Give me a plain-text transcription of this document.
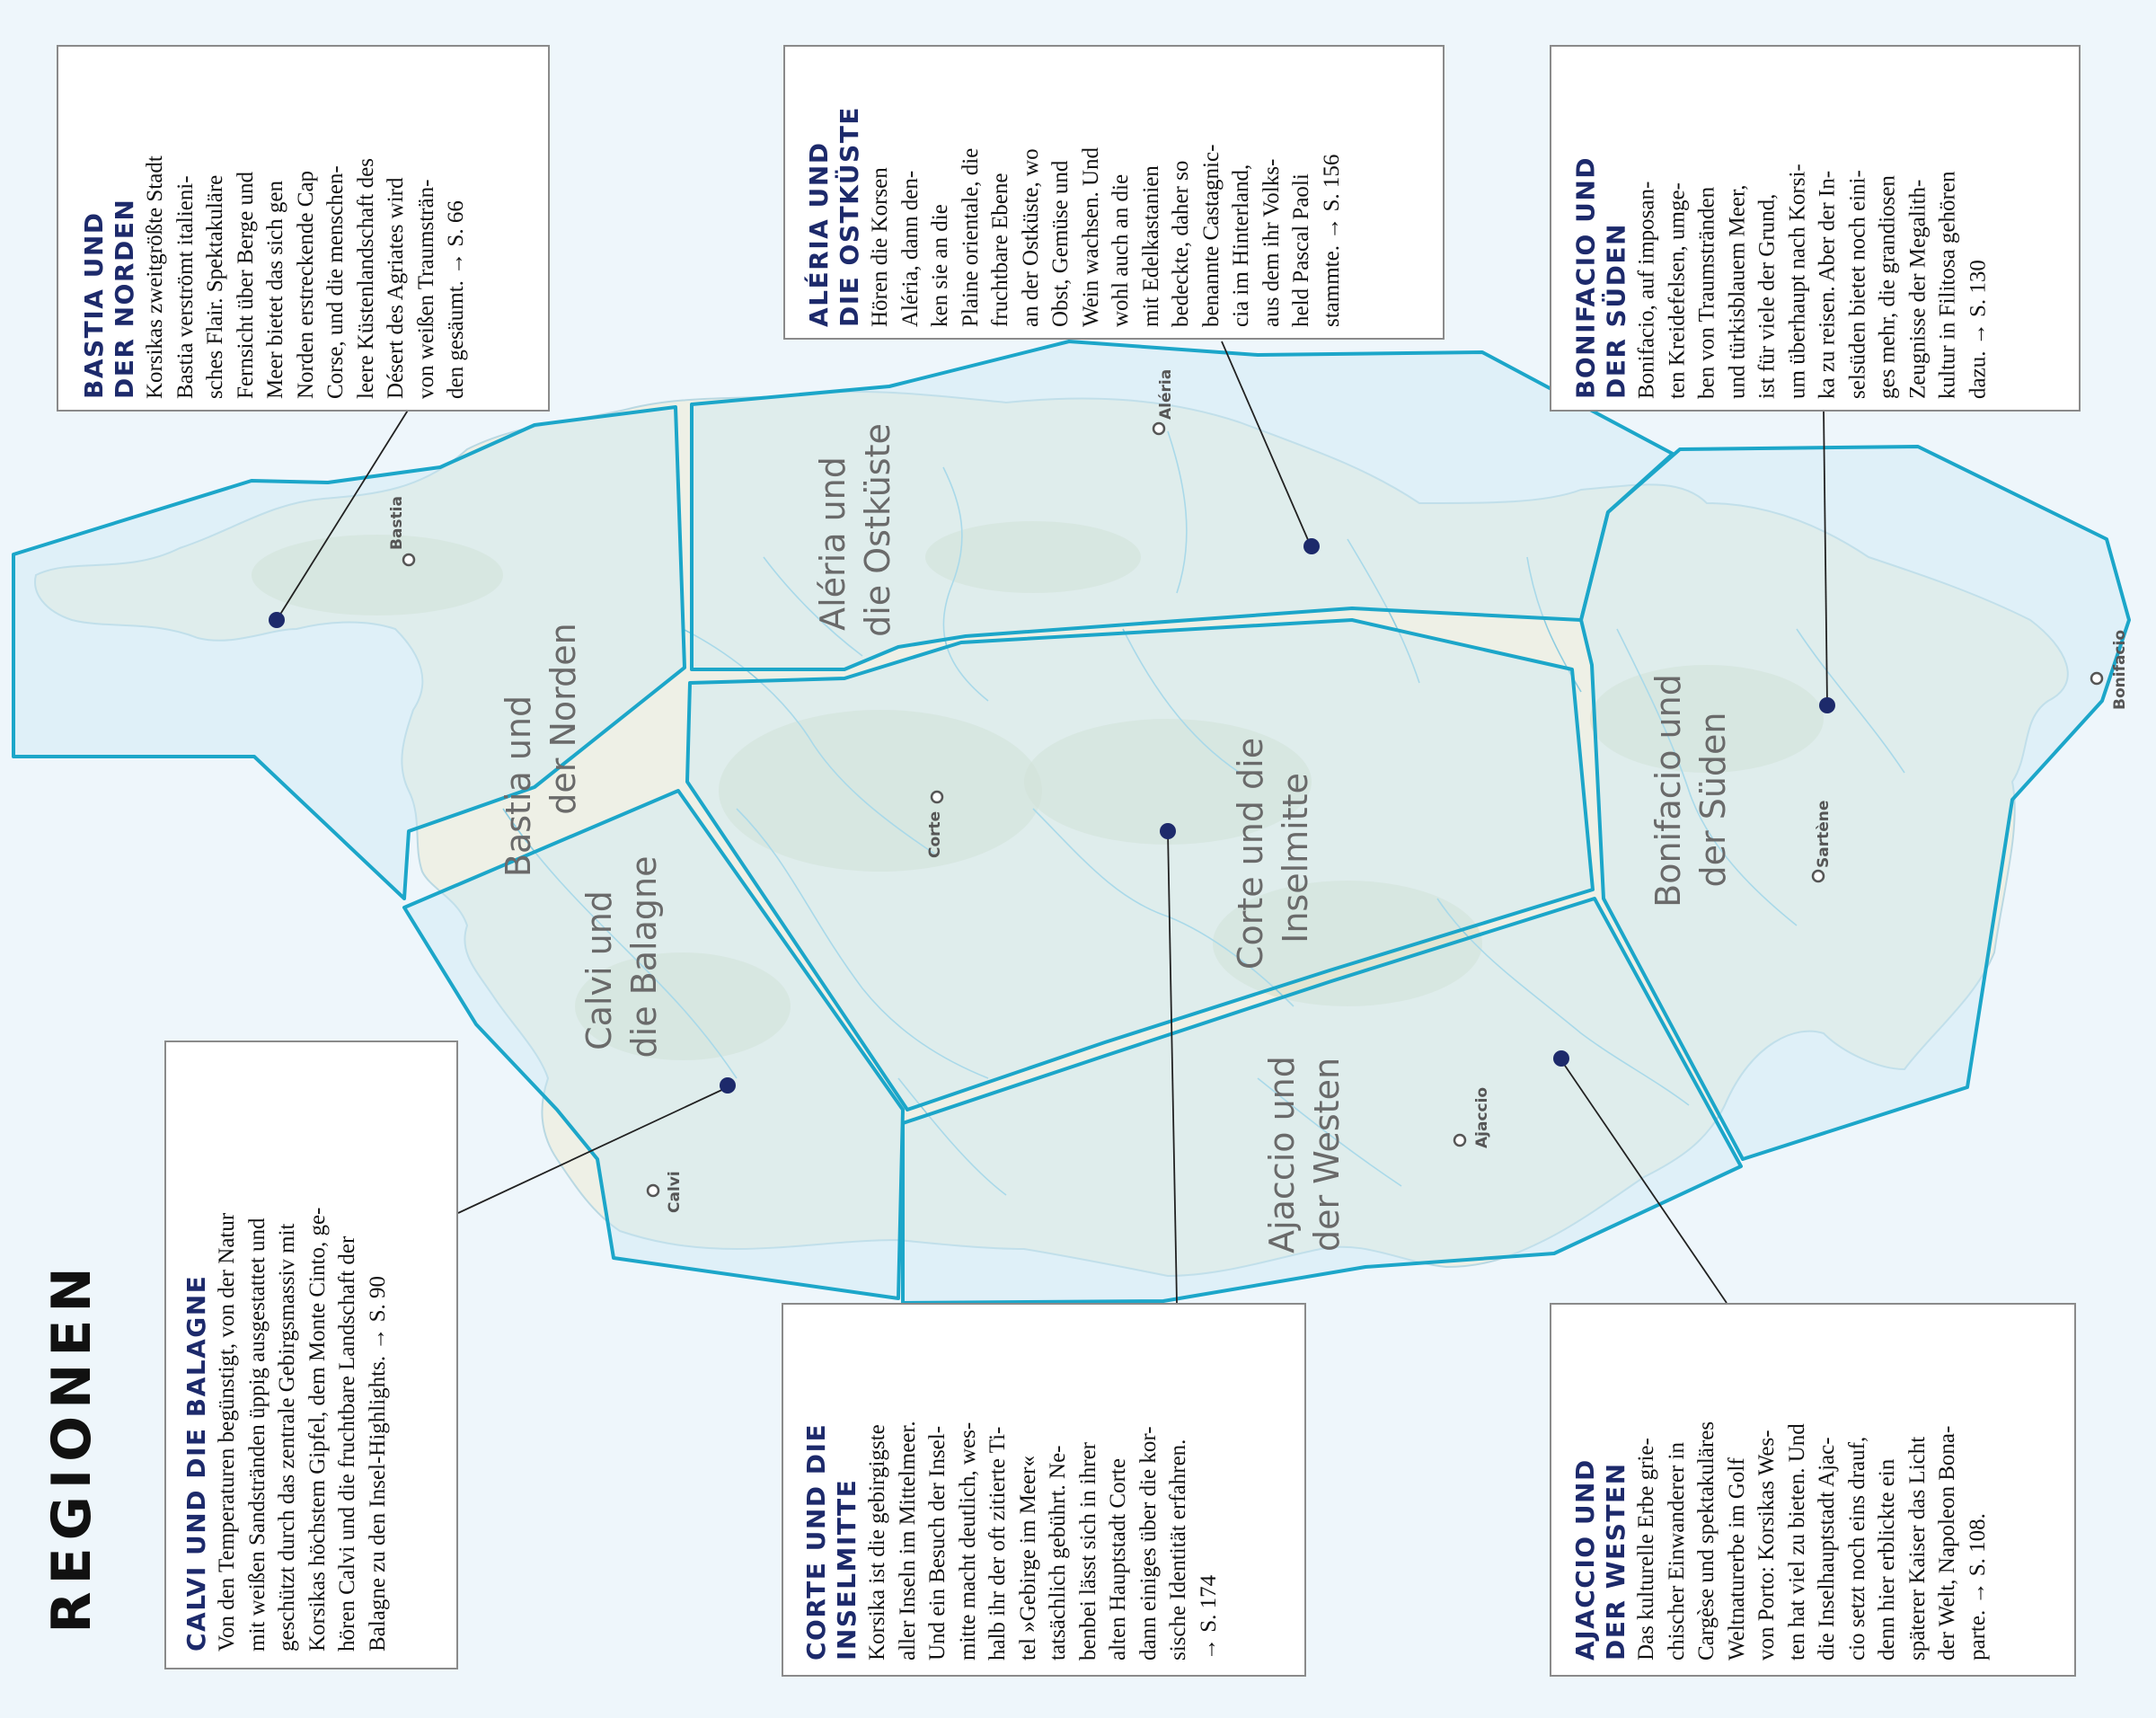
Bastia und der Norden
Aléria und die Ostküste
Bonifacio und der Süden
Calvi und die Balagne	Corte und die Inselmitte
Ajaccio und der Westen
Bastia
Aléria
Corte
Calvi
Ajaccio
Sartène
Bonifacio
REGIONEN

BASTIA UND DER NORDEN Korsikas zweitgrößte Stadt Bastia verströmt italieni- sches Flair. Spektakuläre Fernsicht über Berge und Meer bietet das sich gen Norden erstreckende Cap Corse, und die menschen- leere Küstenlandschaft des Désert des Agriates wird von weißen Traumsträn- den gesäumt. → S. 66	ALÉRIA UND DIE OSTKÜSTE Hören die Korsen Aléria, dann den- ken sie an die Plaine orientale, die fruchtbare Ebene an der Ostküste, wo Obst, Gemüse und Wein wachsen. Und wohl auch an die mit Edelkastanien bedeckte, daher so benannte Castagnic- cia im Hinterland, aus dem ihr Volks- held Pascal Paoli stammte. → S. 156	BONIFACIO UND DER SÜDEN Bonifacio, auf imposan- ten Kreidefelsen, umge- ben von Traumstränden und türkisblauem Meer, ist für viele der Grund, um überhaupt nach Korsi- ka zu reisen. Aber der In- selsüden bietet noch eini- ges mehr, die grandiosen Zeugnisse der Megalith- kultur in Filitosa gehören dazu. → S. 130

CALVI UND DIE BALAGNE Von den Temperaturen begünstigt, von der Natur mit weißen Sandstränden üppig ausgestattet und geschützt durch das zentrale Gebirgsmassiv mit Korsikas höchstem Gipfel, dem Monte Cinto, ge- hören Calvi und die fruchtbare Landschaft der Balagne zu den Insel-Highlights. → S. 90	CORTE UND DIE INSELMITTE Korsika ist die gebirgigste aller Inseln im Mittelmeer. Und ein Besuch der Insel- mitte macht deutlich, wes- halb ihr der oft zitierte Ti- tel »Gebirge im Meer« tatsächlich gebührt. Ne- benbei lässt sich in ihrer alten Hauptstadt Corte dann einiges über die kor- sische Identität erfahren. → S. 174	AJACCIO UND DER WESTEN Das kulturelle Erbe grie- chischer Einwanderer in Cargèse und spektakuläres Weltnaturerbe im Golf von Porto: Korsikas Wes- ten hat viel zu bieten. Und die Inselhauptstadt Ajac- cio setzt noch eins drauf, denn hier erblickte ein späterer Kaiser das Licht der Welt, Napoleon Bona- parte. → S. 108.
